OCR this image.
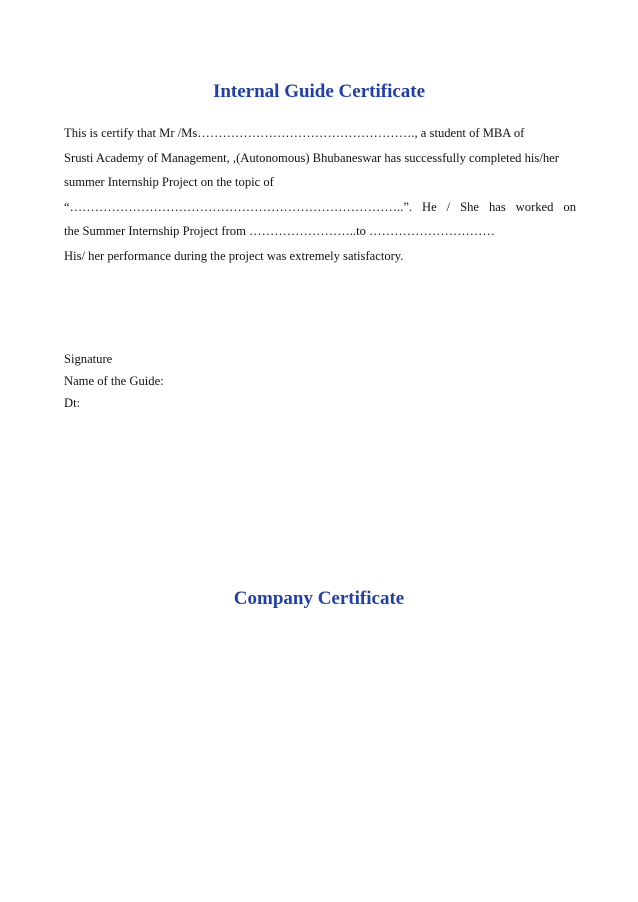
Internal Guide Certificate
This is certify that Mr /Ms……………………………………………., a student of MBA of
Srusti Academy of Management, ,(Autonomous) Bhubaneswar has successfully completed his/her
summer Internship Project on the topic of
“……………………………………………………………………..”. He / She has worked on
the Summer Internship Project from ……………………..to …………………………
His/ her performance during the project was extremely satisfactory.
Signature
Name of the Guide:
Dt:
Company Certificate
